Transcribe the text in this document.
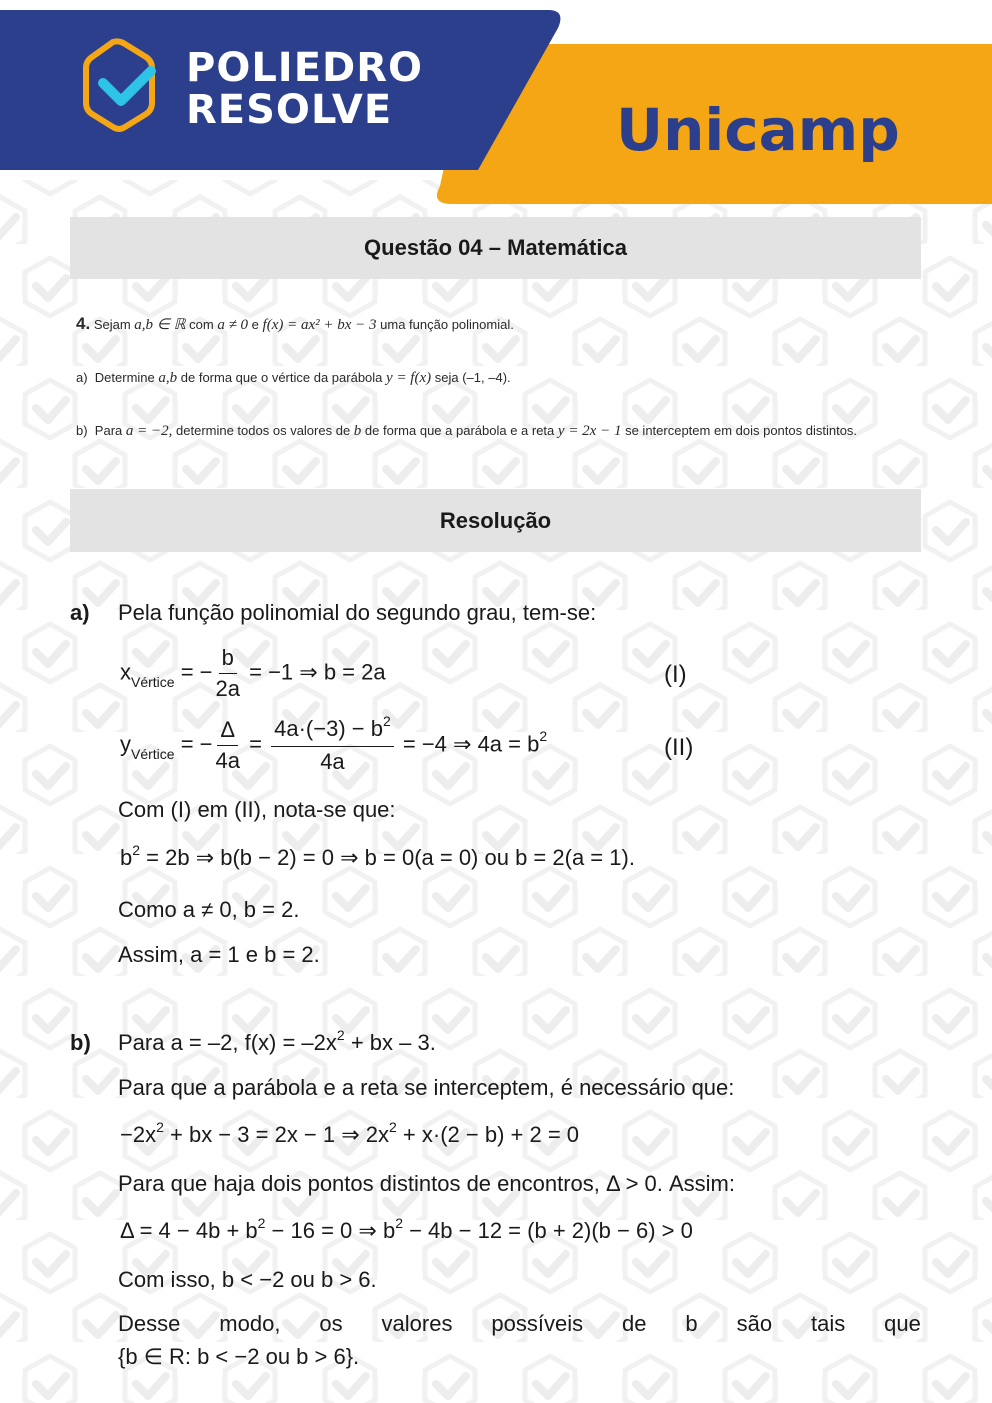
POLIEDRO
RESOLVE	Unicamp
Questão 04 – Matemática
4. Sejam a,b ∈ ℝ com a ≠ 0 e f(x) = ax² + bx − 3 uma função polinomial.
a) Determine a,b de forma que o vértice da parábola y = f(x) seja (–1, –4).
b) Para a = −2, determine todos os valores de b de forma que a parábola e a reta y = 2x − 1 se interceptem em dois pontos distintos.
Resolução
a) Pela função polinomial do segundo grau, tem-se:
$x_{Vértice}$ = − $\frac{b}{2a} = -1$ ⇒ b = 2a	(I)
$y_{Vértice}$ = − $\frac{\Delta}{4a} = \frac{4a\cdot(-3) - b^2}{4a} = -4$ ⇒ $4a = b^2$	(II)
Com (I) em (II), nota-se que:
$b^2 = 2b$ ⇒ b(b − 2) = 0 ⇒ b = 0(a = 0) ou b = 2(a = 1).
Como a ≠ 0, b = 2.
Assim, a = 1 e b = 2.
b) Para a = –2, $f(x) = -2x^2$ + bx – 3.
Para que a parábola e a reta se interceptem, é necessário que:
$-2x^2$ + bx − 3 = 2x − 1 ⇒ $2x^2 + x\cdot(2 - b) + 2 = 0$
Para que haja dois pontos distintos de encontros, Δ > 0. Assim:
$\Delta = 4 - 4b + b^2 - 16 = 0$ ⇒ $b^2 - 4b - 12 = (b + 2)(b - 6) > 0$
Com isso, b < −2 ou b > 6.
Desse modo, os valores possíveis de b são tais que
{b ∈ R: b < −2 ou b > 6}.
